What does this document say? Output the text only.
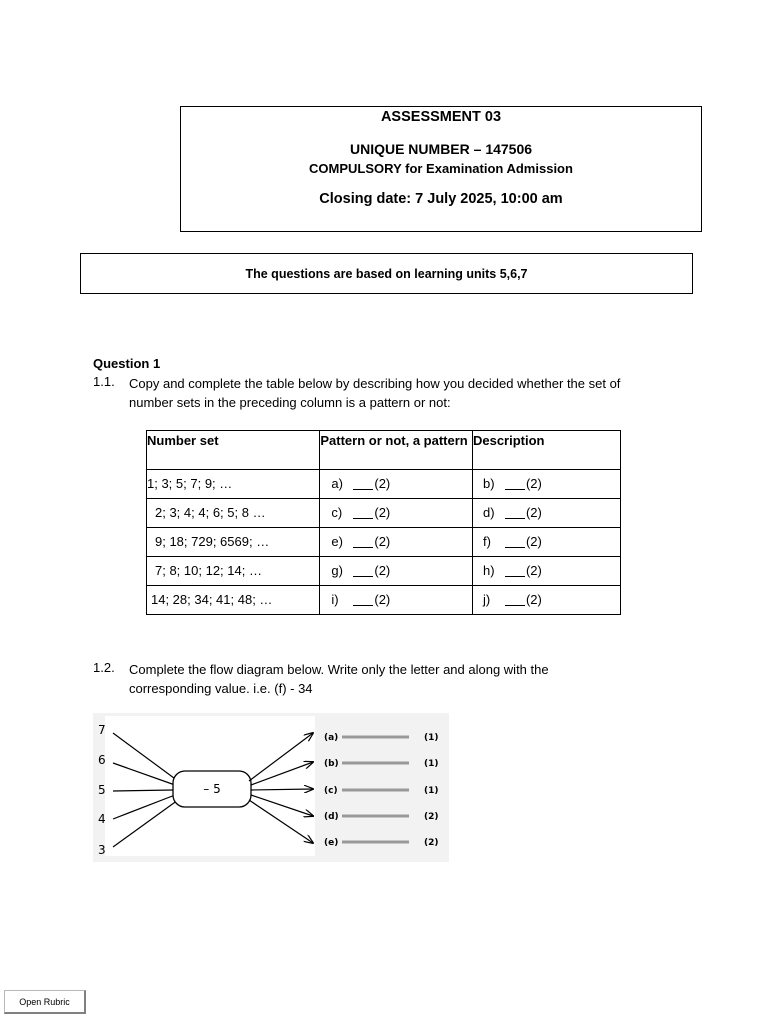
ASSESSMENT 03
UNIQUE NUMBER – 147506
COMPULSORY for Examination Admission
Closing date: 7 July 2025, 10:00 am
The questions are based on learning units 5,6,7
Question 1
1.1. Copy and complete the table below by describing how you decided whether the set of
number sets in the preceding column is a pattern or not:
Number set	Pattern or not, a pattern	Description
1; 3; 5; 7; 9; …	a) (2)	b) (2)
2; 3; 4; 4; 6; 5; 8 …	c) (2)	d) (2)
9; 18; 729; 6569; …	e) (2)	f) (2)
7; 8; 10; 12; 14; …	g) (2)	h) (2)
14; 28; 34; 41; 48; …	i) (2)	j) (2)
1.2. Complete the flow diagram below. Write only the letter and along with the
corresponding value. i.e. (f) - 34
7
6
5
4
3
– 5
(a)
(b)
(c)
(d)
(e)
(1)
(1)
(1)
(2)
(2)
Open Rubric
